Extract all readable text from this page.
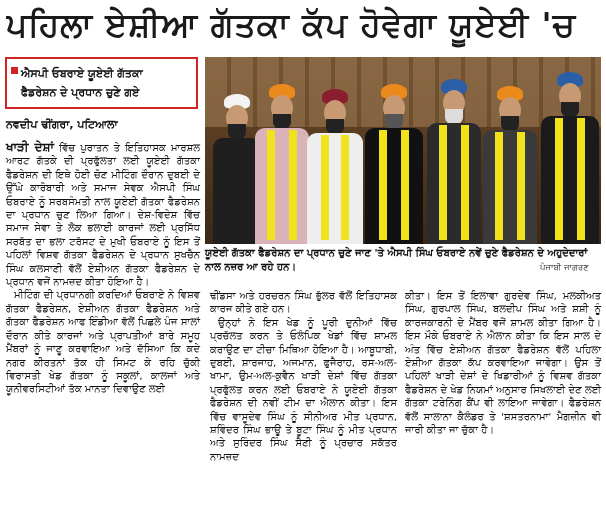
ਪਹਿਲਾ ਏਸ਼ੀਆ ਗੱਤਕਾ ਕੱਪ ਹੋਵੇਗਾ ਯੂਏਈ 'ਚ
ਐਸਪੀ ਓਬਰਾਏ ਯੂਏਈ ਗੱਤਕਾ
ਫੈਡਰੇਸ਼ਨ ਦੇ ਪ੍ਰਧਾਨ ਚੁਣੇ ਗਏ
ਨਵਦੀਪ ਢੀਂਗਰਾ, ਪਟਿਆਲਾ

ਖਾੜੀ ਦੇਸ਼ਾਂ ਵਿੱਚ ਪੁਰਾਤਨ ਤੇ ਇਤਿਹਾਸਕ ਮਾਰਸ਼ਲ ਆਰਟ ਗੱਤਕੇ ਦੀ ਪ੍ਰਫੁੱਲਤਾ ਲਈ ਯੂਏਈ ਗੱਤਕਾ ਫੈਡਰੇਸ਼ਨ ਦੀ ਇਥੇ ਹੋਈ ਚੋਣ ਮੀਟਿੰਗ ਦੌਰਾਨ ਦੁਬਈ ਦੇ ਉੱਘੇ ਕਾਰੋਬਾਰੀ ਅਤੇ ਸਮਾਜ ਸੇਵਕ ਐਸਪੀ ਸਿੰਘ ਓਬਰਾਏ ਨੂੰ ਸਰਬਸੰਮਤੀ ਨਾਲ ਯੂਏਈ ਗੱਤਕਾ ਫੈਡਰੇਸ਼ਨ ਦਾ ਪ੍ਰਧਾਨ ਚੁਣ ਲਿਆ ਗਿਆ। ਦੇਸ਼-ਵਿਦੇਸ਼ ਵਿੱਚ ਸਮਾਜ ਸੇਵਾ ਤੇ ਲੋਕ ਭਲਾਈ ਕਾਰਜਾਂ ਲਈ ਪ੍ਰਸਿੱਧ ਸਰਬੱਤ ਦਾ ਭਲਾ ਟਰੱਸਟ ਦੇ ਮੁਖੀ ਓਬਰਾਏ ਨੂੰ ਇਸ ਤੋਂ ਪਹਿਲਾਂ ਵਿਸ਼ਵ ਗੱਤਕਾ ਫੈਡਰੇਸ਼ਨ ਦੇ ਪ੍ਰਧਾਨ ਸੁਖਚੈਨ ਸਿੰਘ ਕਲਸਾਣੀ ਵੱਲੋਂ ਏਸ਼ੀਅਨ ਗੱਤਕਾ ਫੈਡਰੇਸ਼ਨ ਦੇ ਪ੍ਰਧਾਨ ਵਜੋਂ ਨਾਮਜ਼ਦ ਕੀਤਾ ਹੋਇਆ ਹੈ।

ਮੀਟਿੰਗ ਦੀ ਪ੍ਰਧਾਨਗੀ ਕਰਦਿਆਂ ਓਬਰਾਏ ਨੇ ਵਿਸ਼ਵ ਗੱਤਕਾ ਫੈਡਰੇਸ਼ਨ, ਏਸ਼ੀਅਨ ਗੱਤਕਾ ਫੈਡਰੇਸ਼ਨ ਅਤੇ ਗੱਤਕਾ ਫੈਡਰੇਸ਼ਨ ਆਫ ਇੰਡੀਆ ਵੱਲੋਂ ਪਿਛਲੇ ਪੰਜ ਸਾਲਾਂ ਦੌਰਾਨ ਕੀਤੇ ਕਾਰਜਾਂ ਅਤੇ ਪ੍ਰਾਪਤੀਆਂ ਬਾਰੇ ਸਮੂਹ ਮੈਂਬਰਾਂ ਨੂੰ ਜਾਣੂ ਕਰਵਾਇਆ ਅਤੇ ਦੱਸਿਆ ਕਿ ਕਦੇ ਨਗਰ ਕੀਰਤਨਾਂ ਤੱਕ ਹੀ ਸਿਮਟ ਕੇ ਰਹਿ ਚੁੱਕੀ ਵਿਰਾਸਤੀ ਖੇਡ ਗੱਤਕਾ ਨੂੰ ਸਕੂਲਾਂ, ਕਾਲਜਾਂ ਅਤੇ ਯੂਨੀਵਰਸਿਟੀਆਂ ਤੱਕ ਮਾਨਤਾ ਦਿਵਾਉਣ ਲਈ

ਯੂਏਈ ਗੱਤਕਾ ਫੈਡਰੇਸ਼ਨ ਦਾ ਪ੍ਰਧਾਨ ਚੁਣੇ ਜਾਣ 'ਤੇ ਐਸਪੀ ਸਿੰਘ ਓਬਰਾਏ ਨਵੇਂ ਚੁਣੇ ਫੈਡਰੇਸ਼ਨ ਦੇ ਅਹੁਦੇਦਾਰਾਂ ਨਾਲ ਨਜ਼ਰ ਆ ਰਹੇ ਹਨ।	ਪੰਜਾਬੀ ਜਾਗਰਣ

ਢੀਂਡਸਾ ਅਤੇ ਹਰਚਰਨ ਸਿੰਘ ਭੁੱਲਰ ਵੱਲੋਂ ਇਤਿਹਾਸਕ ਕਾਰਜ ਕੀਤੇ ਗਏ ਹਨ।

ਉਨ੍ਹਾਂ ਨੇ ਇਸ ਖੇਡ ਨੂੰ ਪੂਰੀ ਦੁਨੀਆਂ ਵਿੱਚ ਪ੍ਰਚੱਲਤ ਕਰਨ ਤੇ ਓਲੰਪਿਕ ਖੇਡਾਂ ਵਿੱਚ ਸ਼ਾਮਲ ਕਰਾਉਣ ਦਾ ਟੀਚਾ ਮਿਥਿਆ ਹੋਇਆ ਹੈ। ਆਬੂਧਾਬੀ, ਦੁਬਈ, ਸ਼ਾਰਜਾਹ, ਅਜਮਾਨ, ਫੁਜੈਰਾਹ, ਰਸ-ਅਲ-ਖਾਮਾ, ਉਮ-ਅਲ-ਕੁਵੈਨ ਖਾੜੀ ਦੇਸ਼ਾਂ ਵਿੱਚ ਗੱਤਕਾ ਪ੍ਰਫੁੱਲਤ ਕਰਨ ਲਈ ਓਬਰਾਏ ਨੇ ਯੂਏਈ ਗੱਤਕਾ ਫੈਡਰੇਸ਼ਨ ਦੀ ਨਵੀਂ ਟੀਮ ਦਾ ਐਲਾਨ ਕੀਤਾ। ਇਸ ਵਿੱਚ ਵਾਸੂਦੇਵ ਸਿੰਘ ਨੂੰ ਸੀਨੀਅਰ ਮੀਤ ਪ੍ਰਧਾਨ, ਸ਼ਵਿੰਦਰ ਸਿੰਘ ਭਾਊ ਤੇ ਬੂਟਾ ਸਿੰਘ ਨੂੰ ਮੀਤ ਪ੍ਰਧਾਨ ਅਤੇ ਸੁਰਿੰਦਰ ਸਿੰਘ ਸੈਣੀ ਨੂੰ ਪ੍ਰਚਾਰ ਸਕੱਤਰ ਨਾਮਜ਼ਦ

ਕੀਤਾ। ਇਸ ਤੋਂ ਇਲਾਵਾ ਗੁਰਦੇਵ ਸਿੰਘ, ਮਲਕੀਅਤ ਸਿੰਘ, ਗੁਰਪਾਲ ਸਿੰਘ, ਬਲਦੀਪ ਸਿੰਘ ਅਤੇ ਸ਼ਸ਼ੀ ਨੂੰ ਕਾਰਜਕਾਰਨੀ ਦੇ ਮੈਂਬਰ ਵਜੋਂ ਸ਼ਾਮਲ ਕੀਤਾ ਗਿਆ ਹੈ। ਇਸ ਮੌਕੇ ਓਬਰਾਏ ਨੇ ਐਲਾਨ ਕੀਤਾ ਕਿ ਇਸ ਸਾਲ ਦੇ ਅੰਤ ਵਿੱਚ ਏਸ਼ੀਅਨ ਗੱਤਕਾ ਫੈਡਰੇਸ਼ਨ ਵੱਲੋਂ ਪਹਿਲਾ ਏਸ਼ੀਆ ਗੱਤਕਾ ਕੱਪ ਕਰਵਾਇਆ ਜਾਵੇਗਾ। ਉਸ ਤੋਂ ਪਹਿਲਾਂ ਖਾੜੀ ਦੇਸ਼ਾਂ ਦੇ ਖਿਡਾਰੀਆਂ ਨੂੰ ਵਿਸ਼ਵ ਗੱਤਕਾ ਫੈਡਰੇਸ਼ਨ ਦੇ ਖੇਡ ਨਿਯਮਾਂ ਅਨੁਸਾਰ ਸਿਖਲਾਈ ਦੇਣ ਲਈ ਗੱਤਕਾ ਟਰੇਨਿੰਗ ਕੈਂਪ ਵੀ ਲਾਇਆ ਜਾਵੇਗਾ। ਫੈਡਰੇਸ਼ਨ ਵੱਲੋਂ ਸਾਲਾਨਾ ਕੈਲੰਡਰ ਤੇ 'ਸ਼ਸਤਰਨਾਮਾ' ਮੈਗਜ਼ੀਨ ਵੀ ਜਾਰੀ ਕੀਤਾ ਜਾ ਚੁੱਕਾ ਹੈ।
